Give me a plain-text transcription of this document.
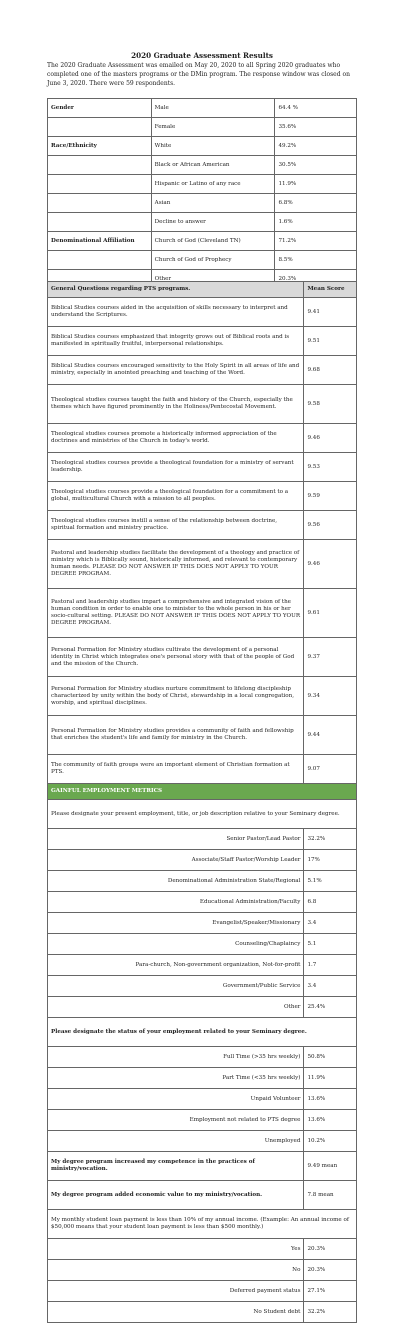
2020 Graduate Assessment Results
The 2020 Graduate Assessment was emailed on May 20, 2020 to all Spring 2020 graduates who completed one of the masters programs or the DMin program. The response window was closed on June 3, 2020. There were 59 respondents.
Gender	Male	64.4 %
	Female	35.6%
Race/Ethnicity	White	49.2%
	Black or African American	30.5%
	Hispanic or Latino of any race	11.9%
	Asian	6.8%
	Decline to answer	1.6%
Denominational Affiliation	Church of God (Cleveland TN)	71.2%
	Church of God of Prophecy	8.5%
	Other	20.3%
General Questions regarding PTS programs.	Mean Score
Biblical Studies courses aided in the acquisition of skills necessary to interpret and understand the Scriptures.	9.41
Biblical Studies courses emphasized that integrity grows out of Biblical roots and is manifested in spiritually fruitful, interpersonal relationships.	9.51
Biblical Studies courses encouraged sensitivity to the Holy Spirit in all areas of life and ministry, especially in anointed preaching and teaching of the Word.	9.68
Theological studies courses taught the faith and history of the Church, especially the themes which have figured prominently in the Holiness/Pentecostal Movement.	9.58
Theological studies courses promote a historically informed appreciation of the doctrines and ministries of the Church in today's world.	9.46
Theological studies courses provide a theological foundation for a ministry of servant leadership.	9.53
Theological studies courses provide a theological foundation for a commitment to a global, multicultural Church with a mission to all peoples.	9.59
Theological studies courses instill a sense of the relationship between doctrine, spiritual formation and ministry practice.	9.56
Pastoral and leadership studies facilitate the development of a theology and practice of ministry which is Biblically sound, historically informed, and relevant to contemporary human needs. PLEASE DO NOT ANSWER IF THIS DOES NOT APPLY TO YOUR DEGREE PROGRAM.	9.46
Pastoral and leadership studies impart a comprehensive and integrated vision of the human condition in order to enable one to minister to the whole person in his or her socio-cultural setting. PLEASE DO NOT ANSWER IF THIS DOES NOT APPLY TO YOUR DEGREE PROGRAM.	9.61
Personal Formation for Ministry studies cultivate the development of a personal identity in Christ which integrates one's personal story with that of the people of God and the mission of the Church.	9.37
Personal Formation for Ministry studies nurture commitment to lifelong discipleship characterized by unity within the body of Christ, stewardship in a local congregation, worship, and spiritual disciplines.	9.34
Personal Formation for Ministry studies provides a community of faith and fellowship that enriches the student's life and family for ministry in the Church.	9.44
The community of faith groups were an important element of Christian formation at PTS.	9.07
GAINFUL EMPLOYMENT METRICS	
Please designate your present employment, title, or job description relative to your Seminary degree.	
Senior Pastor/Lead Pastor	32.2%
Associate/Staff Pastor/Worship Leader	17%
Denominational Administration State/Regional	5.1%
Educational Administration/Faculty	6.8
Evangelist/Speaker/Missionary	3.4
Counseling/Chaplaincy	5.1
Para-church, Non-government organization, Not-for-profit	1.7
Government/Public Service	3.4
Other	25.4%
Please designate the status of your employment related to your Seminary degree.	
Full Time (>35 hrs weekly)	50.8%
Part Time (<35 hrs weekly)	11.9%
Unpaid Volunteer	13.6%
Employment not related to PTS degree	13.6%
Unemployed	10.2%
My degree program increased my competence in the practices of ministry/vocation.	9.49 mean
My degree program added economic value to my ministry/vocation.	7.8 mean
My monthly student loan payment is less than 10% of my annual income. (Example: An annual income of $50,000 means that your student loan payment is less than $500 monthly.)	
Yes	20.3%
No	20.3%
Deferred payment status	27.1%
No Student debt	32.2%
